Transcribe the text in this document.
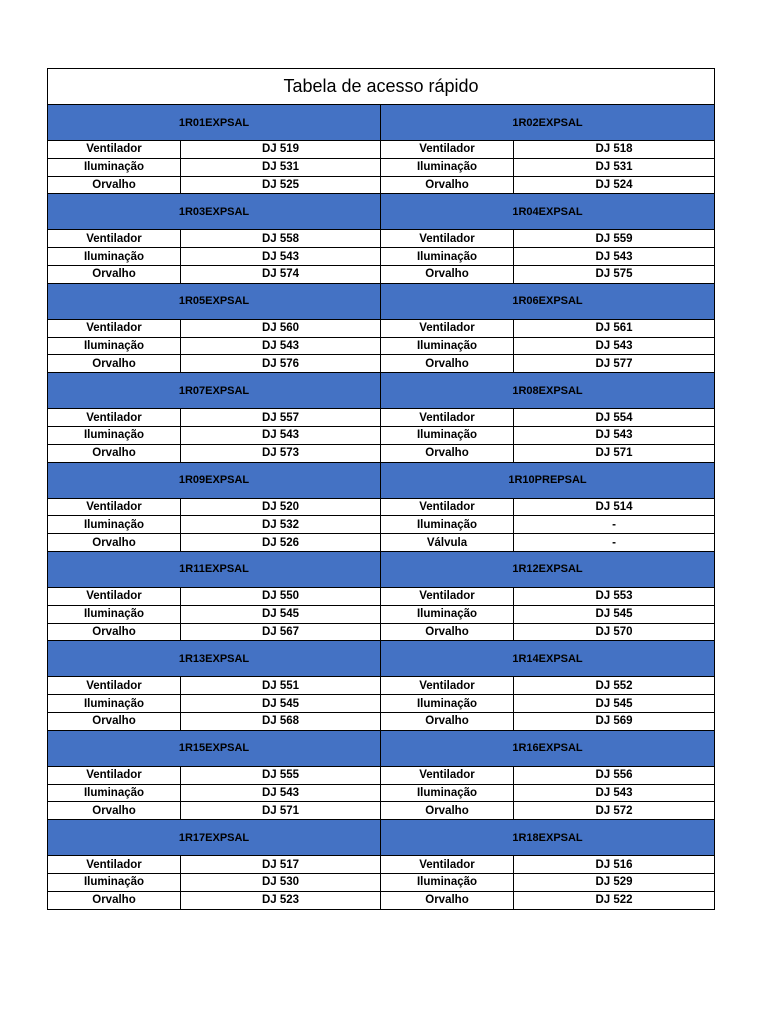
Tabela de acesso rápido			
1R01EXPSAL		1R02EXPSAL	
Ventilador	DJ 519	Ventilador	DJ 518
Iluminação	DJ 531	Iluminação	DJ 531
Orvalho	DJ 525	Orvalho	DJ 524
1R03EXPSAL		1R04EXPSAL	
Ventilador	DJ 558	Ventilador	DJ 559
Iluminação	DJ 543	Iluminação	DJ 543
Orvalho	DJ 574	Orvalho	DJ 575
1R05EXPSAL		1R06EXPSAL	
Ventilador	DJ 560	Ventilador	DJ 561
Iluminação	DJ 543	Iluminação	DJ 543
Orvalho	DJ 576	Orvalho	DJ 577
1R07EXPSAL		1R08EXPSAL	
Ventilador	DJ 557	Ventilador	DJ 554
Iluminação	DJ 543	Iluminação	DJ 543
Orvalho	DJ 573	Orvalho	DJ 571
1R09EXPSAL		1R10PREPSAL	
Ventilador	DJ 520	Ventilador	DJ 514
Iluminação	DJ 532	Iluminação	-
Orvalho	DJ 526	Válvula	-
1R11EXPSAL		1R12EXPSAL	
Ventilador	DJ 550	Ventilador	DJ 553
Iluminação	DJ 545	Iluminação	DJ 545
Orvalho	DJ 567	Orvalho	DJ 570
1R13EXPSAL		1R14EXPSAL	
Ventilador	DJ 551	Ventilador	DJ 552
Iluminação	DJ 545	Iluminação	DJ 545
Orvalho	DJ 568	Orvalho	DJ 569
1R15EXPSAL		1R16EXPSAL	
Ventilador	DJ 555	Ventilador	DJ 556
Iluminação	DJ 543	Iluminação	DJ 543
Orvalho	DJ 571	Orvalho	DJ 572
1R17EXPSAL		1R18EXPSAL	
Ventilador	DJ 517	Ventilador	DJ 516
Iluminação	DJ 530	Iluminação	DJ 529
Orvalho	DJ 523	Orvalho	DJ 522
